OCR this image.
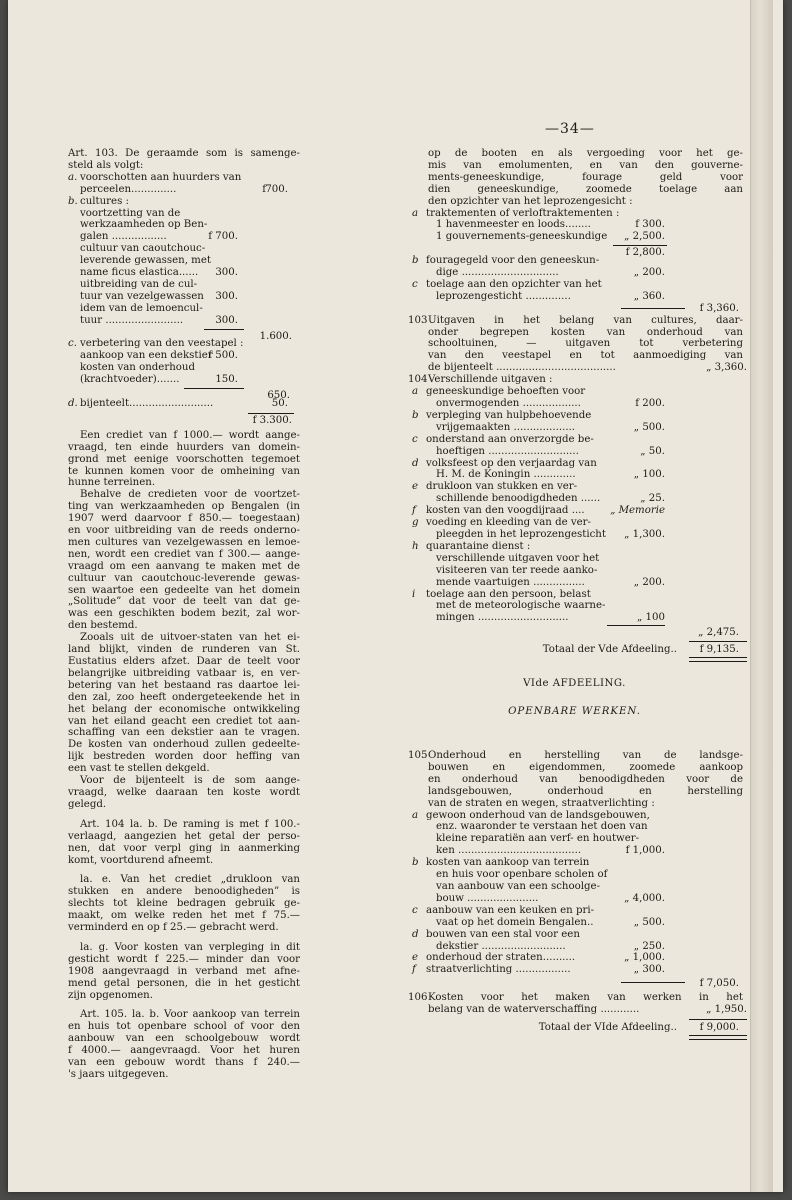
—34—
Art. 103. De geraamde som is samenge-
steld als volgt:
a. voorschotten aan huurders van
perceelen..............	f 700.
b. cultures :
voortzetting van de
werkzaamheden op Ben-
galen .................	f 700.
cultuur van caoutchouc-
leverende gewassen, met
name ficus elastica...... 300.
uitbreiding van de cul-
tuur van vezelgewassen 300.
idem van de lemoencul-
tuur ........................	300.
1.600.
c. verbetering van den veestapel :
aankoop van een dekstier
f 500.
kosten van onderhoud
(krachtvoeder).......	150.
650.
d. bijenteelt..........................	50.
f 3.300.
Een crediet van f 1000.— wordt aange-
vraagd, ten einde huurders van domein-
grond met eenige voorschotten tegemoet
te kunnen komen voor de omheining van
hunne terreinen.
Behalve de credieten voor de voortzet-
ting van werkzaamheden op Bengalen (in
1907 werd daarvoor f 850.— toegestaan)
en voor uitbreiding van de reeds onderno-
men cultures van vezelgewassen en lemoe-
nen, wordt een crediet van f 300.— aange-
vraagd om een aanvang te maken met de
cultuur van caoutchouc-leverende gewas-
sen waartoe een gedeelte van het domein
„Solitude” dat voor de teelt van dat ge-
was een geschikten bodem bezit, zal wor-
den bestemd.
Zooals uit de uitvoer-staten van het ei-
land blijkt, vinden de runderen van St.
Eustatius elders afzet. Daar de teelt voor
belangrijke uitbreiding vatbaar is, en ver-
betering van het bestaand ras daartoe lei-
den zal, zoo heeft ondergeteekende het in
het belang der economische ontwikkeling
van het eiland geacht een crediet tot aan-
schaffing van een dekstier aan te vragen.
De kosten van onderhoud zullen gedeelte-
lijk bestreden worden door heffing van
een vast te stellen dekgeld.
Voor de bijenteelt is de som aange-
vraagd, welke daaraan ten koste wordt
gelegd.
Art. 104 la. b. De raming is met f 100.-
verlaagd, aangezien het getal der perso-
nen, dat voor verpl ging in aanmerking
komt, voortdurend afneemt.
la. e. Van het crediet „drukloon van
stukken en andere benoodigheden” is
slechts tot kleine bedragen gebruik ge-
maakt, om welke reden het met f 75.—
verminderd en op f 25.— gebracht werd.
la. g. Voor kosten van verpleging in dit
gesticht wordt f 225.— minder dan voor
1908 aangevraagd in verband met afne-
mend getal personen, die in het gesticht
zijn opgenomen.
Art. 105. la. b. Voor aankoop van terrein
en huis tot openbare school of voor den
aanbouw van een schoolgebouw wordt
f 4000.— aangevraagd. Voor het huren
van een gebouw wordt thans f 240.—
's jaars uitgegeven.
op de booten en als vergoeding voor het ge-
mis van emolumenten, en van den gouverne-
ments-geneeskundige, fourage geld voor
dien geneeskundige, zoomede toelage aan
den opzichter van het leprozengesicht :
a traktementen of verloftraktementen :
1 havenmeester en loods........	f 300.
1 gouvernements-geneeskundige „ 2,500.
f 2,800.
b fouragegeld voor den geneeskun-
dige ..............................	„ 200.
c toelage aan den opzichter van het
leprozengesticht ..............	„ 360.
f 3,360.
103 Uitgaven in het belang van cultures, daar-
onder begrepen kosten van onderhoud van
schooltuinen, — uitgaven tot verbetering
van den veestapel en tot aanmoediging van
de bijenteelt .....................................	„ 3,360.
104 Verschillende uitgaven :
a geneeskundige behoeften voor
onvermogenden ..................	f 200.
b verpleging van hulpbehoevende
vrijgemaakten ...................	„ 500.
c onderstand aan onverzorgde be-
hoeftigen ............................	„ 50.
d volksfeest op den verjaardag van
H. M. de Koningin .............	„ 100.
e drukloon van stukken en ver-
schillende benoodigdheden ......	„ 25.
f kosten van den voogdijraad .... „ Memorie
g voeding en kleeding van de ver-
pleegden in het leprozengesticht „ 1,300.
h quarantaine dienst :
verschillende uitgaven voor het
visiteeren van ter reede aanko-
mende vaartuigen ................	„ 200.
i toelage aan den persoon, belast
met de meteorologische waarne-
mingen ............................	„ 100
„ 2,475.
Totaal der Vde Afdeeling.. f 9,135.
VIde AFDEELING.
OPENBARE WERKEN.
105 Onderhoud en herstelling van de landsge-
bouwen en eigendommen, zoomede aankoop
en onderhoud van benoodigdheden voor de
landsgebouwen, onderhoud en herstelling
van de straten en wegen, straatverlichting :
a gewoon onderhoud van de landsgebouwen,
enz. waaronder te verstaan het doen van
kleine reparatiën aan verf- en houtwer-
ken ......................................	f 1,000.
b kosten van aankoop van terrein
en huis voor openbare scholen of
van aanbouw van een schoolge-
bouw ......................	„ 4,000.
c aanbouw van een keuken en pri-
vaat op het domein Bengalen..	„ 500.
d bouwen van een stal voor een
dekstier ..........................	„ 250.
e onderhoud der straten..........	„ 1,000.
f straatverlichting .................	„ 300.
f 7,050.
106 Kosten voor het maken van werken in het
belang van de waterverschaffing ............	„ 1,950.
Totaal der VIde Afdeeling.. f 9,000.
